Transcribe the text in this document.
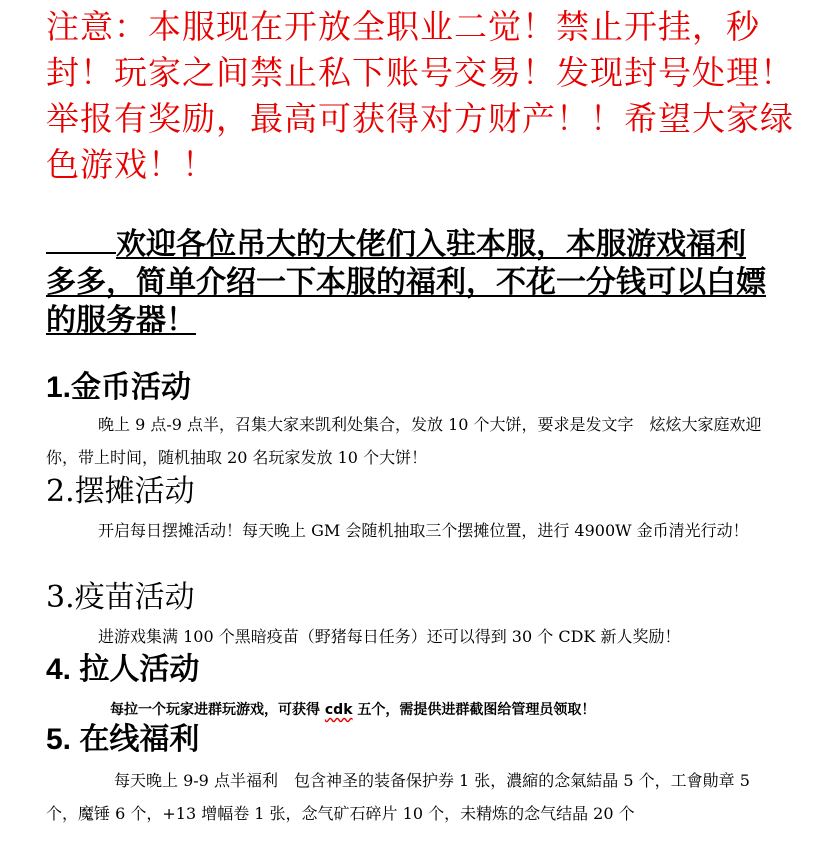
注意：本服现在开放全职业二觉！禁止开挂，秒封！玩家之间禁止私下账号交易！发现封号处理！举报有奖励，最高可获得对方财产！！希望大家绿色游戏！！
欢迎各位吊大的大佬们入驻本服，本服游戏福利多多，简单介绍一下本服的福利，不花一分钱可以白嫖的服务器！
1.金币活动
晚上 9 点-9 点半，召集大家来凯利处集合，发放 10 个大饼，要求是发文字　炫炫大家庭欢迎你，带上时间，随机抽取 20 名玩家发放 10 个大饼！
2.摆摊活动
开启每日摆摊活动！每天晚上 GM 会随机抽取三个摆摊位置，进行 4900W 金币清光行动！
3.疫苗活动
进游戏集满 100 个黑暗疫苗（野猪每日任务）还可以得到 30 个 CDK 新人奖励！
4. 拉人活动
每拉一个玩家进群玩游戏，可获得 cdk 五个，需提供进群截图给管理员领取！
5. 在线福利
每天晚上 9-9 点半福利　包含神圣的装备保护券 1 张，濃縮的念氣結晶 5 个，工會勛章 5 个，魔锤 6 个，+13 增幅卷 1 张，念气矿石碎片 10 个，未精炼的念气结晶 20 个
